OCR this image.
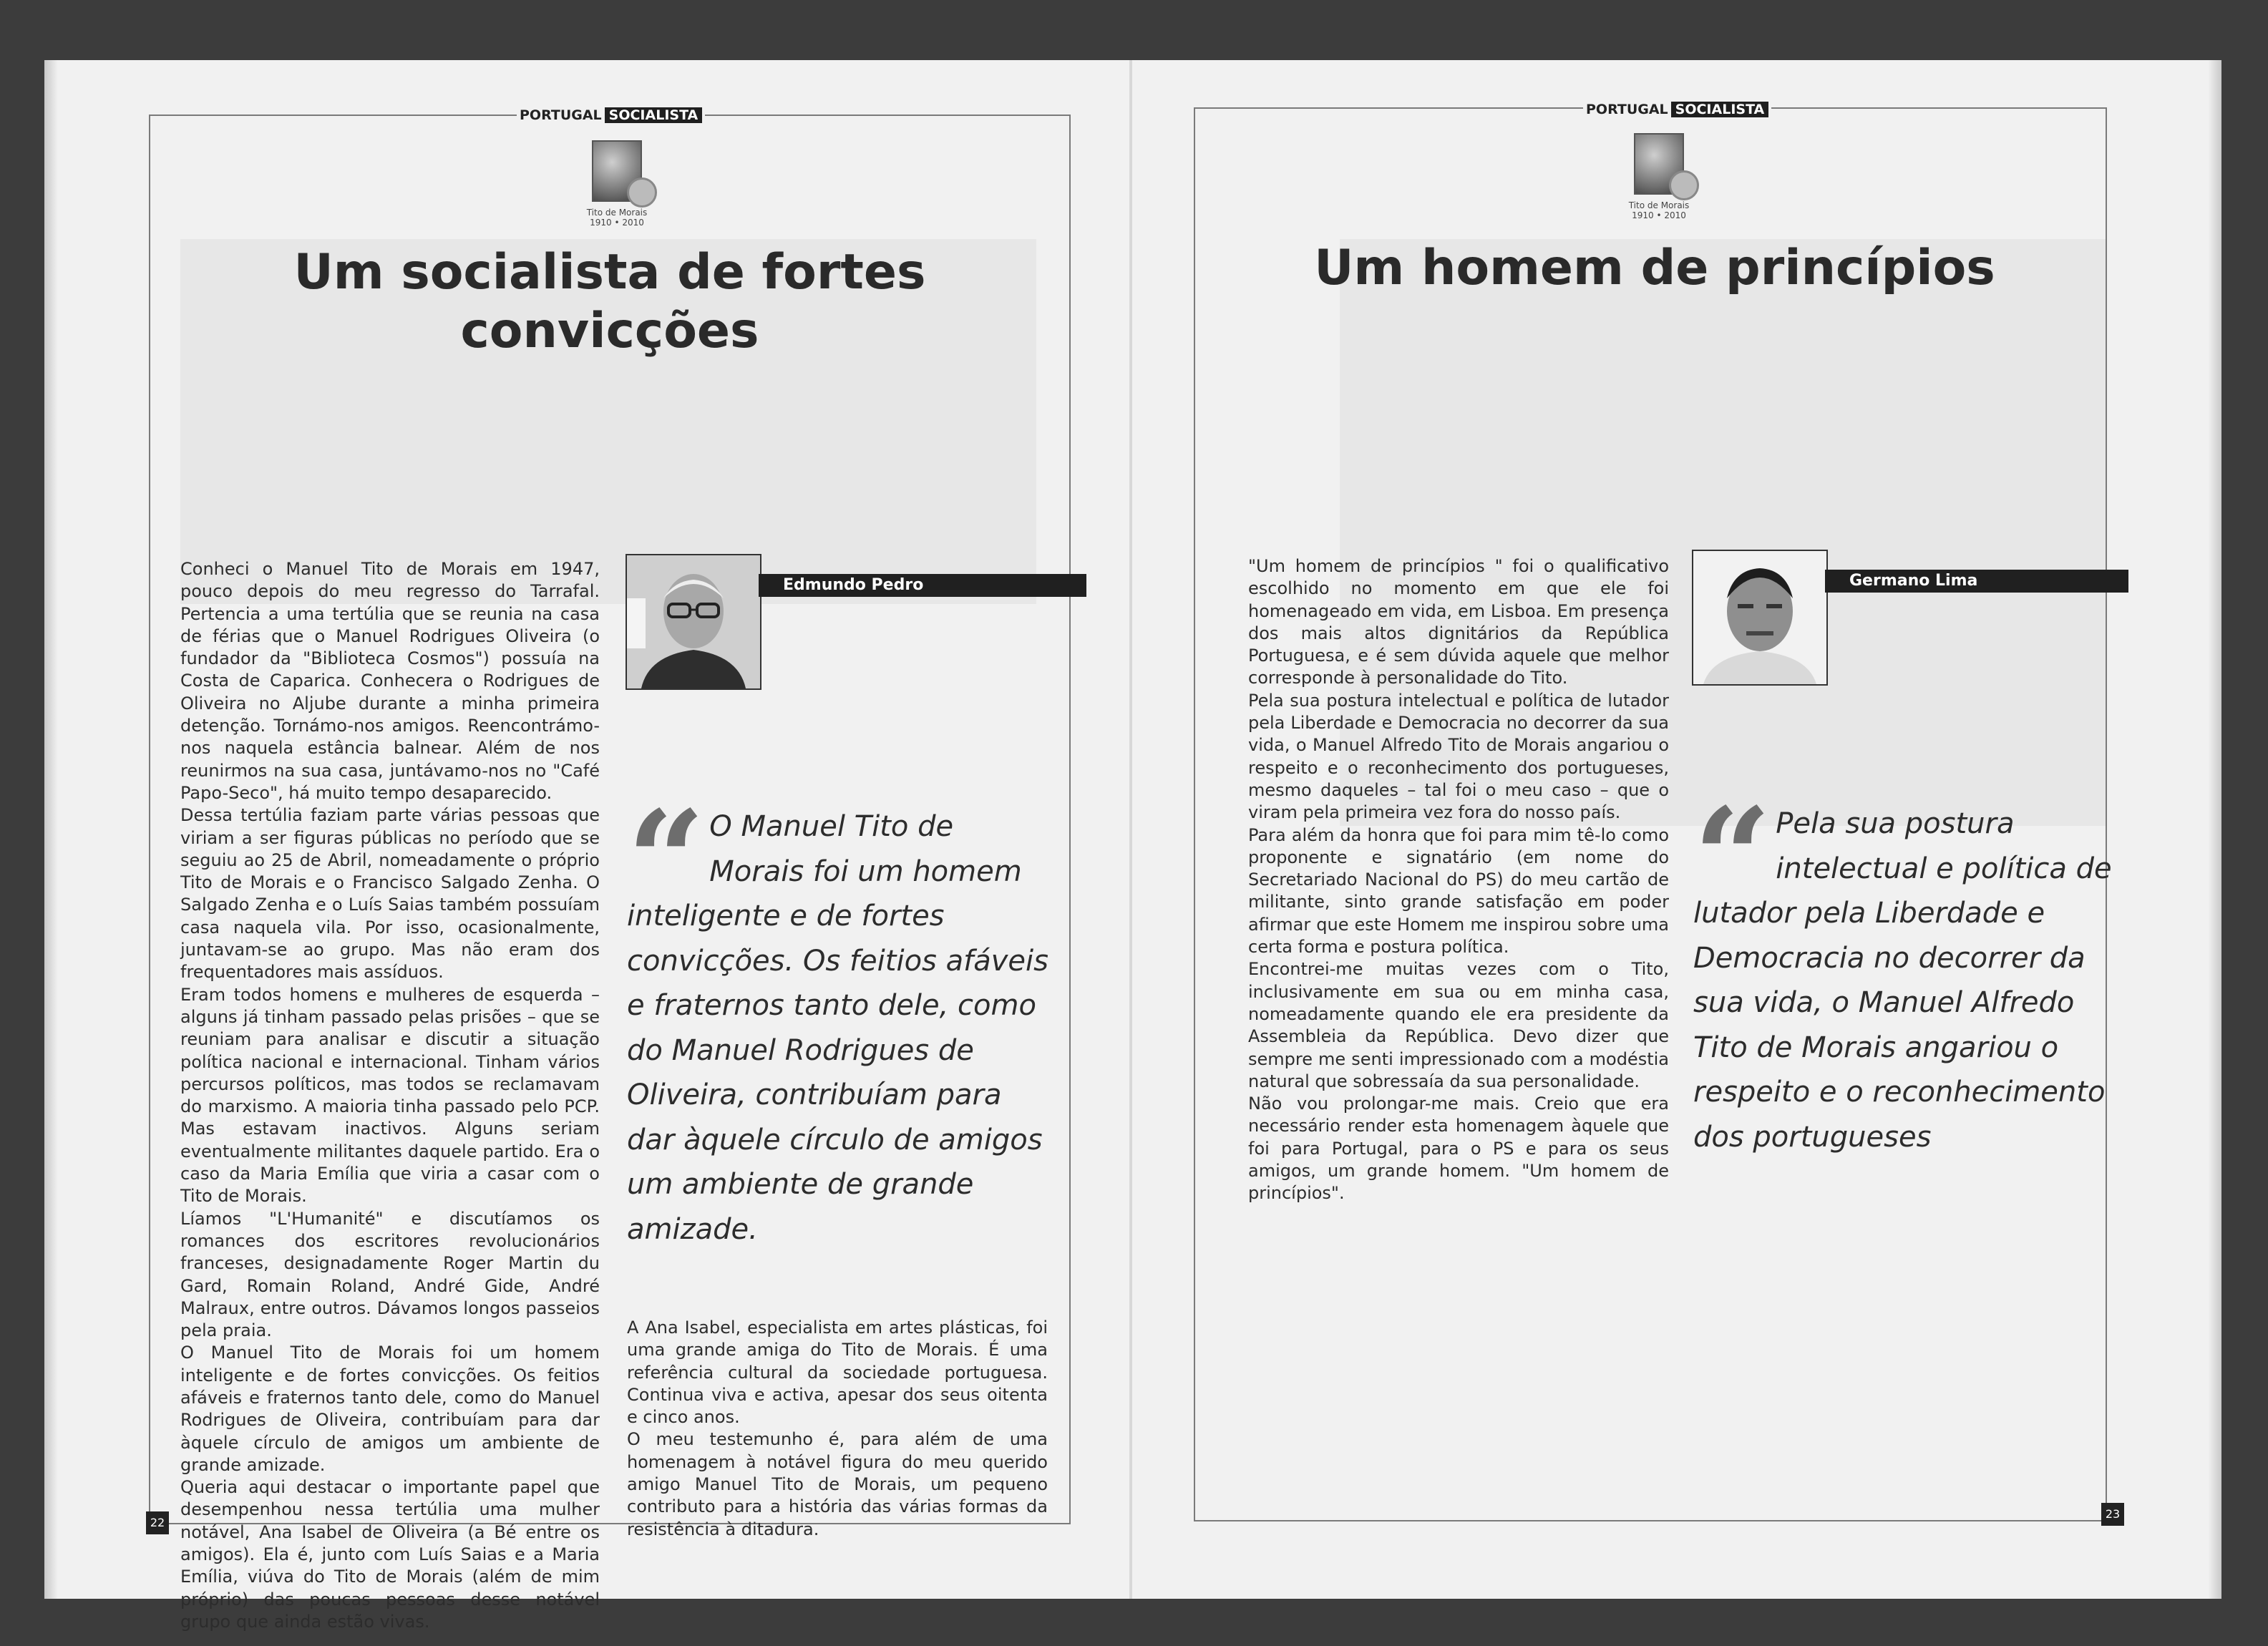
PORTUGAL SOCIALISTA
Tito de Morais
1910 • 2010
Um socialista de fortes
convicções
Edmundo Pedro

Conheci o Manuel Tito de Morais em 1947, pouco depois do meu regresso do Tarrafal. Pertencia a uma tertúlia que se reunia na casa de férias que o Manuel Rodrigues Oliveira (o fundador da "Biblioteca Cosmos") possuía na Costa de Caparica. Conhecera o Rodrigues de Oliveira no Aljube durante a minha primeira detenção. Tornámo-nos amigos. Reencontrámo-nos naquela estância balnear. Além de nos reunirmos na sua casa, juntávamo-nos no "Café Papo-Seco", há muito tempo desaparecido.

Dessa tertúlia faziam parte várias pessoas que viriam a ser figuras públicas no período que se seguiu ao 25 de Abril, nomeadamente o próprio Tito de Morais e o Francisco Salgado Zenha. O Salgado Zenha e o Luís Saias também possuíam casa naquela vila. Por isso, ocasionalmente, juntavam-se ao grupo. Mas não eram dos frequentadores mais assíduos.

Eram todos homens e mulheres de esquerda – alguns já tinham passado pelas prisões – que se reuniam para analisar e discutir a situação política nacional e internacional. Tinham vários percursos políticos, mas todos se reclamavam do marxismo. A maioria tinha passado pelo PCP. Mas estavam inactivos. Alguns seriam eventualmente militantes daquele partido. Era o caso da Maria Emília que viria a casar com o Tito de Morais.

Líamos "L'Humanité" e discutíamos os romances dos escritores revolucionários franceses, designadamente Roger Martin du Gard, Romain Roland, André Gide, André Malraux, entre outros. Dávamos longos passeios pela praia.

O Manuel Tito de Morais foi um homem inteligente e de fortes convicções. Os feitios afáveis e fraternos tanto dele, como do Manuel Rodrigues de Oliveira, contribuíam para dar àquele círculo de amigos um ambiente de grande amizade.

Queria aqui destacar o importante papel que desempenhou nessa tertúlia uma mulher notável, Ana Isabel de Oliveira (a Bé entre os amigos). Ela é, junto com Luís Saias e a Maria Emília, viúva do Tito de Morais (além de mim próprio) das poucas pessoas desse notável grupo que ainda estão vivas.

“ O Manuel Tito de Morais foi um homem inteligente e de fortes convicções. Os feitios afáveis e fraternos tanto dele, como do Manuel Rodrigues de Oliveira, contribuíam para dar àquele círculo de amigos um ambiente de grande amizade.

A Ana Isabel, especialista em artes plásticas, foi uma grande amiga do Tito de Morais. É uma referência cultural da sociedade portuguesa. Continua viva e activa, apesar dos seus oitenta e cinco anos.

O meu testemunho é, para além de uma homenagem à notável figura do meu querido amigo Manuel Tito de Morais, um pequeno contributo para a história das várias formas da resistência à ditadura.

22
PORTUGAL SOCIALISTA
Tito de Morais
1910 • 2010
Um homem de princípios
Germano Lima

"Um homem de princípios " foi o qualificativo escolhido no momento em que ele foi homenageado em vida, em Lisboa. Em presença dos mais altos dignitários da República Portuguesa, e é sem dúvida aquele que melhor corresponde à personalidade do Tito.

Pela sua postura intelectual e política de lutador pela Liberdade e Democracia no decorrer da sua vida, o Manuel Alfredo Tito de Morais angariou o respeito e o reconhecimento dos portugueses, mesmo daqueles – tal foi o meu caso – que o viram pela primeira vez fora do nosso país.

Para além da honra que foi para mim tê-lo como proponente e signatário (em nome do Secretariado Nacional do PS) do meu cartão de militante, sinto grande satisfação em poder afirmar que este Homem me inspirou sobre uma certa forma e postura política.

Encontrei-me muitas vezes com o Tito, inclusivamente em sua ou em minha casa, nomeadamente quando ele era presidente da Assembleia da República. Devo dizer que sempre me senti impressionado com a modéstia natural que sobressaía da sua personalidade.

Não vou prolongar-me mais. Creio que era necessário render esta homenagem àquele que foi para Portugal, para o PS e para os seus amigos, um grande homem. "Um homem de princípios".

“ Pela sua postura intelectual e política de lutador pela Liberdade e Democracia no decorrer da sua vida, o Manuel Alfredo Tito de Morais angariou o respeito e o reconhecimento dos portugueses
23
